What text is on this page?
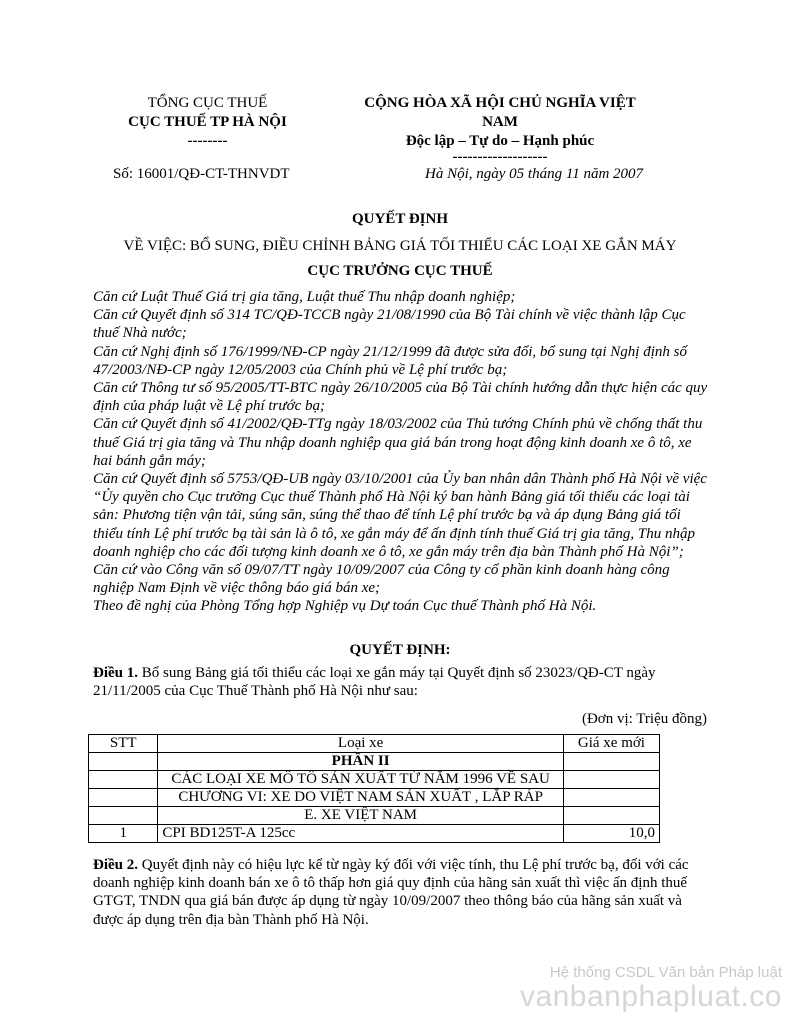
TỔNG CỤC THUẾ
CỤC THUẾ TP HÀ NỘI
--------
CỘNG HÒA XÃ HỘI CHỦ NGHĨA VIỆT
NAM
Độc lập – Tự do – Hạnh phúc
-------------------
Số: 16001/QĐ-CT-THNVDT	Hà Nội, ngày 05 tháng 11 năm 2007
QUYẾT ĐỊNH
VỀ VIỆC: BỔ SUNG, ĐIỀU CHỈNH BẢNG GIÁ TỐI THIỂU CÁC LOẠI XE GẮN MÁY
CỤC TRƯỞNG CỤC THUẾ
Căn cứ Luật Thuế Giá trị gia tăng, Luật thuế Thu nhập doanh nghiệp;
Căn cứ Quyết định số 314 TC/QĐ-TCCB ngày 21/08/1990 của Bộ Tài chính về việc thành lập Cục thuế Nhà nước;
Căn cứ Nghị định số 176/1999/NĐ-CP ngày 21/12/1999 đã được sửa đổi, bổ sung tại Nghị định số 47/2003/NĐ-CP ngày 12/05/2003 của Chính phủ về Lệ phí trước bạ;
Căn cứ Thông tư số 95/2005/TT-BTC ngày 26/10/2005 của Bộ Tài chính hướng dẫn thực hiện các quy định của pháp luật về Lệ phí trước bạ;
Căn cứ Quyết định số 41/2002/QĐ-TTg ngày 18/03/2002 của Thủ tướng Chính phủ về chống thất thu thuế Giá trị gia tăng và Thu nhập doanh nghiệp qua giá bán trong hoạt động kinh doanh xe ô tô, xe hai bánh gắn máy;
Căn cứ Quyết định số 5753/QĐ-UB ngày 03/10/2001 của Ủy ban nhân dân Thành phố Hà Nội về việc “Ủy quyền cho Cục trưởng Cục thuế Thành phố Hà Nội ký ban hành Bảng giá tối thiểu các loại tài sản: Phương tiện vận tải, súng săn, súng thể thao để tính Lệ phí trước bạ và áp dụng Bảng giá tối thiểu tính Lệ phí trước bạ tài sản là ô tô, xe gắn máy để ấn định tính thuế Giá trị gia tăng, Thu nhập doanh nghiệp cho các đối tượng kinh doanh xe ô tô, xe gắn máy trên địa bàn Thành phố Hà Nội”;
Căn cứ vào Công văn số 09/07/TT ngày 10/09/2007 của Công ty cổ phần kinh doanh hàng công nghiệp Nam Định về việc thông báo giá bán xe;
Theo đề nghị của Phòng Tổng hợp Nghiệp vụ Dự toán Cục thuế Thành phố Hà Nội.
QUYẾT ĐỊNH:
Điều 1. Bổ sung Bảng giá tối thiểu các loại xe gắn máy tại Quyết định số 23023/QĐ-CT ngày 21/11/2005 của Cục Thuế Thành phố Hà Nội như sau:
(Đơn vị: Triệu đồng)
STT	Loại xe	Giá xe mới
	PHẦN II	
	CÁC LOẠI XE MÔ TÔ SẢN XUẤT TỪ NĂM 1996 VỀ SAU	
	CHƯƠNG VI: XE DO VIỆT NAM SẢN XUẤT , LẮP RÁP	
	E. XE VIỆT NAM	
1	CPI BD125T-A 125cc	10,0
Điều 2. Quyết định này có hiệu lực kể từ ngày ký đối với việc tính, thu Lệ phí trước bạ, đối với các doanh nghiệp kinh doanh bán xe ô tô thấp hơn giá quy định của hãng sản xuất thì việc ấn định thuế GTGT, TNDN qua giá bán được áp dụng từ ngày 10/09/2007 theo thông báo của hãng sản xuất và được áp dụng trên địa bàn Thành phố Hà Nội.
Hệ thống CSDL Văn bản Pháp luật
vanbanphapluat.co
